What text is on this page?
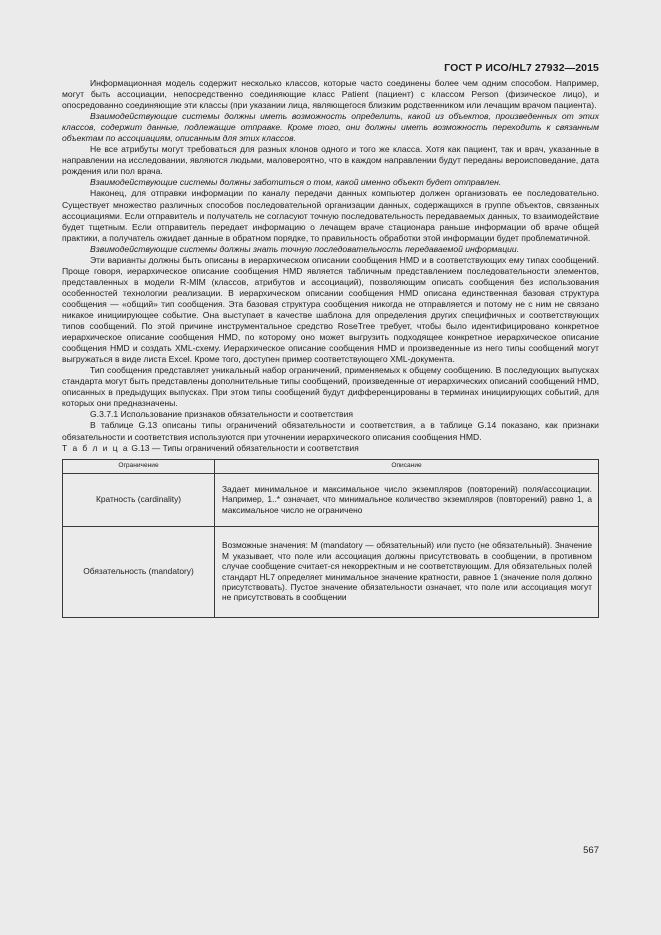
ГОСТ Р ИСО/HL7 27932—2015

Информационная модель содержит несколько классов, которые часто соединены более чем одним способом. Например, могут быть ассоциации, непосредственно соединяющие класс Patient (пациент) с классом Person (физическое лицо), и опосредованно соединяющие эти классы (при указании лица, являющегося близким родственником или лечащим врачом пациента).

Взаимодействующие системы должны иметь возможность определить, какой из объектов, произведенных от этих классов, содержит данные, подлежащие отправке. Кроме того, они должны иметь возможность переходить к связанным объектам по ассоциациям, описанным для этих классов.

Не все атрибуты могут требоваться для разных клонов одного и того же класса. Хотя как пациент, так и врач, указанные в направлении на исследовании, являются людьми, маловероятно, что в каждом направлении будут переданы вероисповедание, дата рождения или пол врача.

Взаимодействующие системы должны заботиться о том, какой именно объект будет отправлен.

Наконец, для отправки информации по каналу передачи данных компьютер должен организовать ее последовательно. Существует множество различных способов последовательной организации данных, содержащихся в группе объектов, связанных ассоциациями. Если отправитель и получатель не согласуют точную последовательность передаваемых данных, то взаимодействие будет тщетным. Если отправитель передает информацию о лечащем враче стационара раньше информации об враче общей практики, а получатель ожидает данные в обратном порядке, то правильность обработки этой информации будет проблематичной.

Взвимодействующие системы должны знать точную последовательность передаваемой информации.

Эти варианты должны быть описаны в иерархическом описании сообщения HMD и в соответствующих ему типах сообщений. Проще говоря, иерархическое описание сообщения HMD является табличным представлением последовательности элементов, представленных в модели R-MIM (классов, атрибутов и ассоциаций), позволяющим описать сообщения без использования особенностей технологии реализации. В иерархическом описании сообщения HMD описана единственная базовая структура сообщения — «общий» тип сообщения. Эта базовая структура сообщения никогда не отправляется и потому не с ним не связано никакое инициирующее событие. Она выступает в качестве шаблона для определения других специфичных и соответствующих типов сообщений. По этой причине инструментальное средство RoseTree требует, чтобы было идентифицировано конкретное иерархическое описание сообщения HMD, по которому оно может выгрузить подходящее конкретное иерархическое описание сообщения HMD и создать XML-схему. Иерархическое описание сообщения HMD и произведенные из него типы сообщений могут выгружаться в виде листа Excel. Кроме того, доступен пример соответствующего XML-документа.

Тип сообщения представляет уникальный набор ограничений, применяемых к общему сообщению. В последующих выпусках стандарта могут быть представлены дополнительные типы сообщений, произведенные от иерархических описаний сообщений HMD, описанных в предыдущих выпусках. При этом типы сообщений будут дифференцированы в терминах инициирующих событий, для которых они предназначены.

G.3.7.1 Использование признаков обязательности и соответствия

В таблице G.13 описаны типы ограничений обязательности и соответствия, а в таблице G.14 показано, как признаки обязательности и соответствия используются при уточнении иерархического описания сообщения HMD.

Т а б л и ц а G.13 — Типы ограничений обязательности и соответствия

Ограничение	Описание
Кратность (cardinality)	Задает минимальное и максимальное число экземпляров (повторений) поля/ассоциации. Например, 1..* означает, что минимальное количество экземпляров (повторений) равно 1, а максимальное число не ограничено
Обязательность (mandatory)	Возможные значения: M (mandatory — обязательный) или пусто (не обязательный). Значение M указывает, что поле или ассоциация должны присутствовать в сообщении, в противном случае сообщение считает-ся некорректным и не соответствующим. Для обязательных полей стандарт HL7 определяет минимальное значение кратности, равное 1 (значение поля должно присутствовать). Пустое значение обязательности означает, что поле или ассоциация могут не присутствовать в сообщении
567
